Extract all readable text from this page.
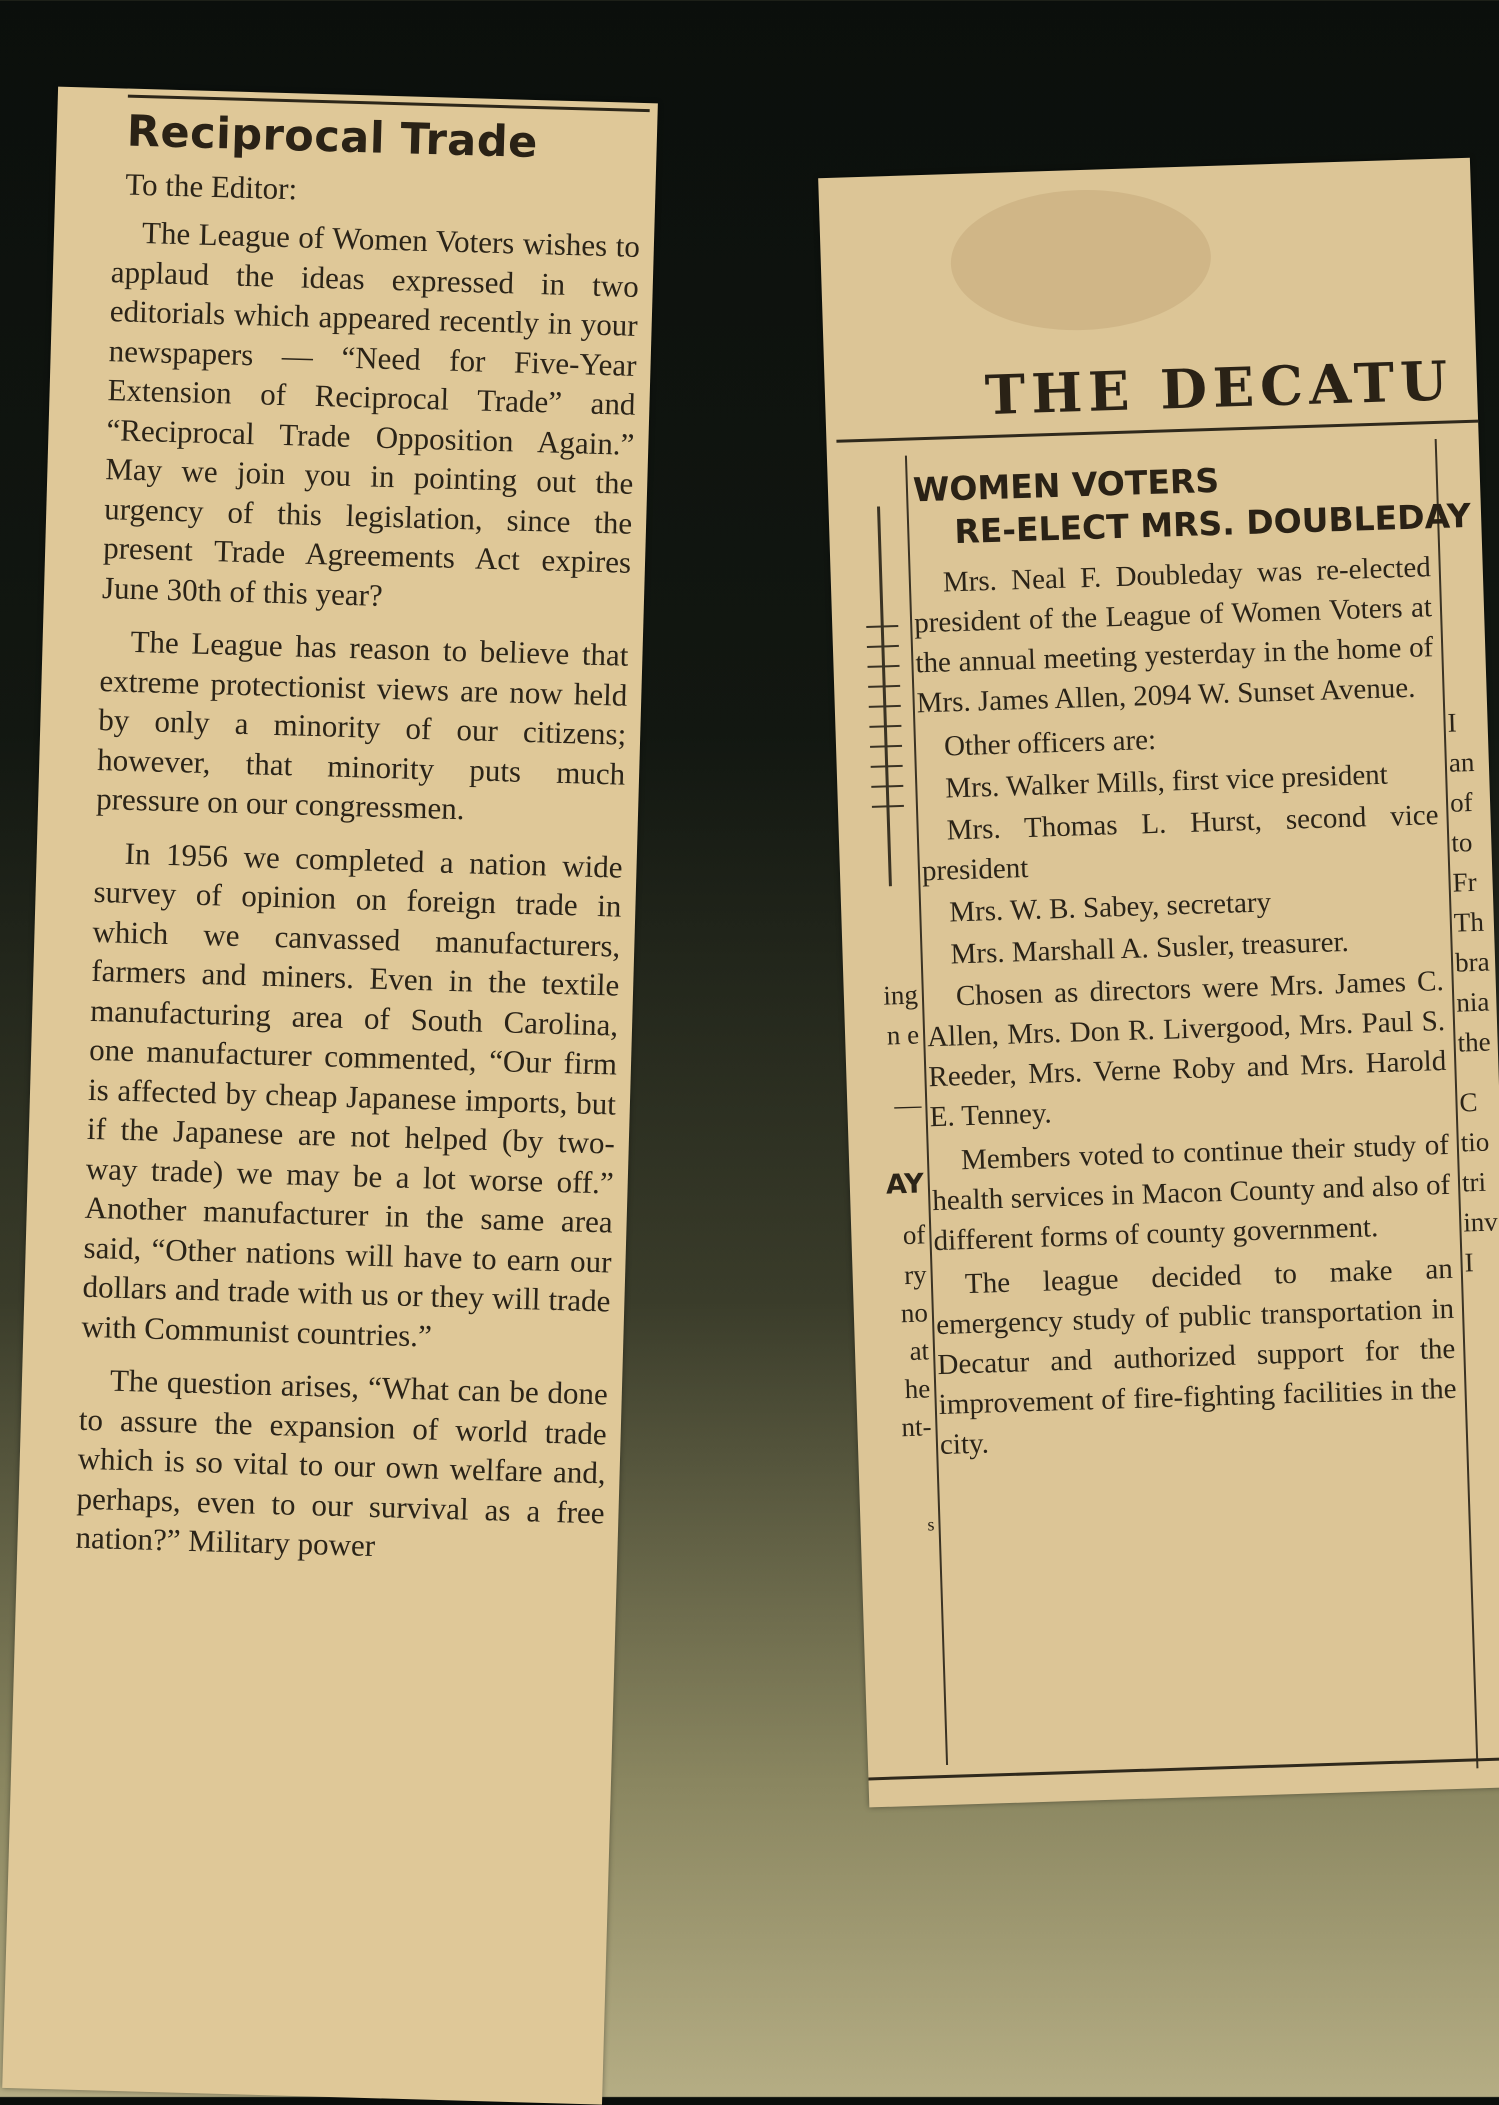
Reciprocal Trade
To the Editor:

The League of Women Voters wishes to applaud the ideas expressed in two editorials which appeared recently in your newspapers — “Need for Five-Year Extension of Reciprocal Trade” and “Reciprocal Trade Opposition Again.” May we join you in pointing out the urgency of this legislation, since the present Trade Agreements Act expires June 30th of this year?

The League has reason to believe that extreme protectionist views are now held by only a minority of our citizens; however, that minority puts much pressure on our congressmen.

In 1956 we completed a nation wide survey of opinion on foreign trade in which we canvassed manufacturers, farmers and miners. Even in the textile manufacturing area of South Carolina, one manufacturer commented, “Our firm is affected by cheap Japanese imports, but if the Japanese are not helped (by two-way trade) we may be a lot worse off.” Another manufacturer in the same area said, “Other nations will have to earn our dollars and trade with us or they will trade with Communist countries.”

The question arises, “What can be done to assure the expansion of world trade which is so vital to our own welfare and, perhaps, even to our survival as a free nation?” Military power

THE DECATU
WOMEN VOTERS
RE-ELECT MRS. DOUBLEDAY

Mrs. Neal F. Doubleday was re-elected president of the League of Women Voters at the annual meeting yesterday in the home of Mrs. James Allen, 2094 W. Sunset Avenue.

Other officers are:

Mrs. Walker Mills, first vice president

Mrs. Thomas L. Hurst, second vice president

Mrs. W. B. Sabey, secretary

Mrs. Marshall A. Susler, treasurer.

Chosen as directors were Mrs. James C. Allen, Mrs. Don R. Livergood, Mrs. Paul S. Reeder, Mrs. Verne Roby and Mrs. Harold E. Tenney.

Members voted to continue their study of health services in Macon County and also of different forms of county government.

The league decided to make an emergency study of public transportation in Decatur and authorized support for the improvement of fire-fighting facilities in the city.

ing
n e
—
AY
of
ry
no
at
he
nt-
s
I
an
of
to
Fr
Th
bra
nia
the
C
tio
tri
inv
I
